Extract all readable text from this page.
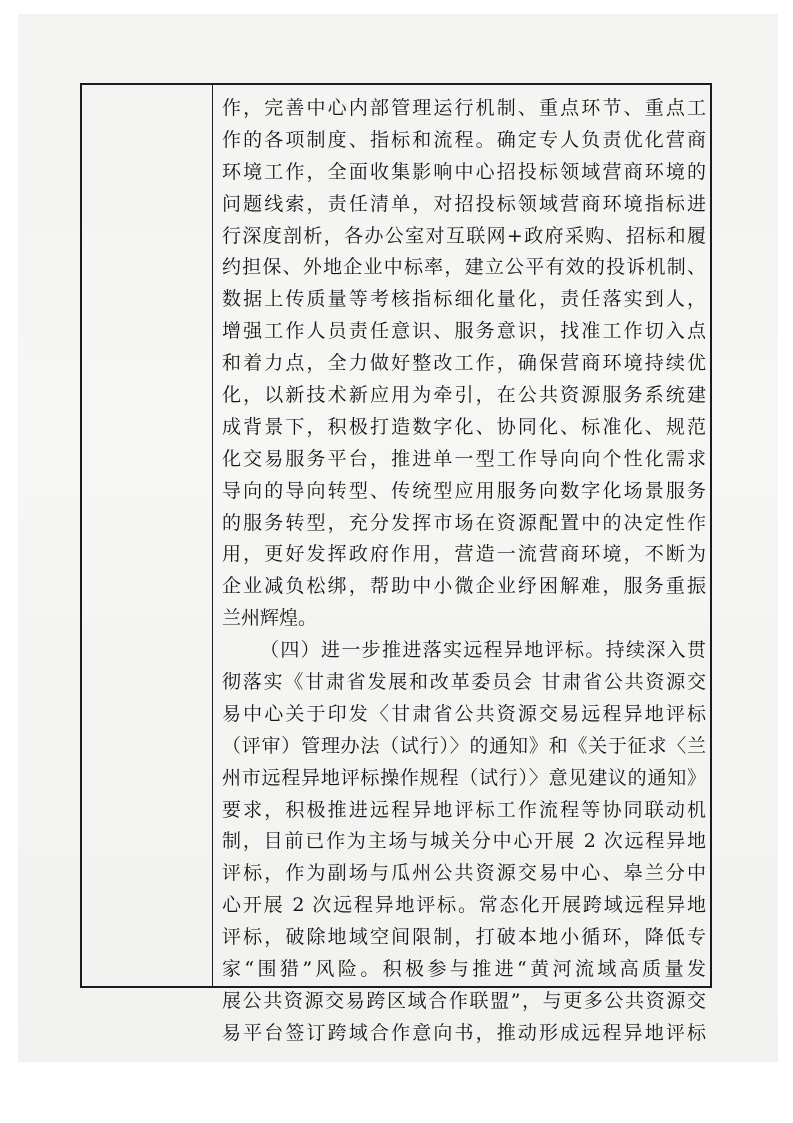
作，完善中心内部管理运行机制、重点环节、重点工
作的各项制度、指标和流程。确定专人负责优化营商
环境工作，全面收集影响中心招投标领域营商环境的
问题线索，责任清单，对招投标领域营商环境指标进
行深度剖析，各办公室对互联网+政府采购、招标和履
约担保、外地企业中标率，建立公平有效的投诉机制、
数据上传质量等考核指标细化量化，责任落实到人，
增强工作人员责任意识、服务意识，找准工作切入点
和着力点，全力做好整改工作，确保营商环境持续优
化，以新技术新应用为牵引，在公共资源服务系统建
成背景下，积极打造数字化、协同化、标准化、规范
化交易服务平台，推进单一型工作导向向个性化需求
导向的导向转型、传统型应用服务向数字化场景服务
的服务转型，充分发挥市场在资源配置中的决定性作
用，更好发挥政府作用，营造一流营商环境，不断为
企业减负松绑，帮助中小微企业纾困解难，服务重振
兰州辉煌。
（四）进一步推进落实远程异地评标。持续深入贯
彻落实《甘肃省发展和改革委员会 甘肃省公共资源交
易中心关于印发〈甘肃省公共资源交易远程异地评标
（评审）管理办法（试行）〉的通知》和《关于征求〈兰
州市远程异地评标操作规程（试行）〉意见建议的通知》
要求，积极推进远程异地评标工作流程等协同联动机
制，目前已作为主场与城关分中心开展 2 次远程异地
评标，作为副场与瓜州公共资源交易中心、皋兰分中
心开展 2 次远程异地评标。常态化开展跨域远程异地
评标，破除地域空间限制，打破本地小循环，降低专
家“围猎”风险。积极参与推进“黄河流域高质量发
展公共资源交易跨区域合作联盟”，与更多公共资源交
易平台签订跨域合作意向书，推动形成远程异地评标
